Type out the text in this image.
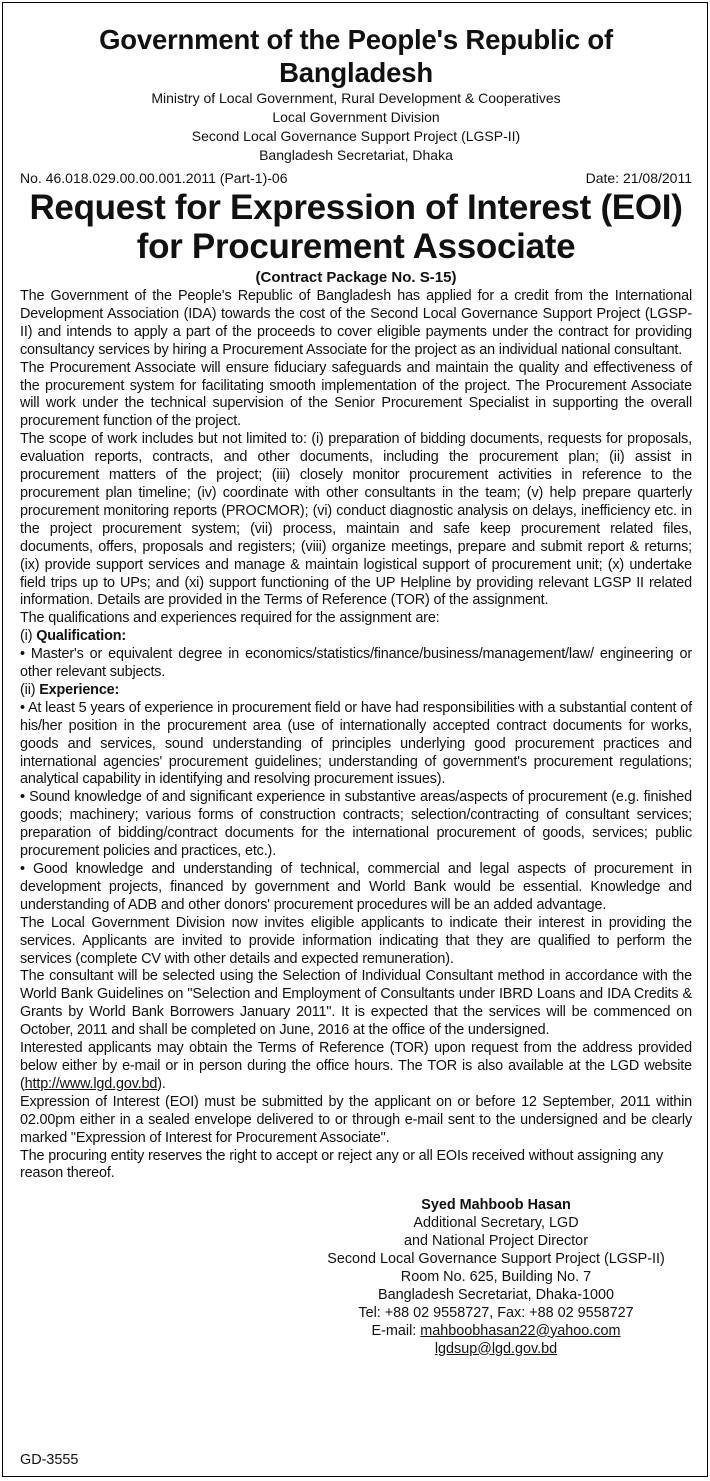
Government of the People's Republic of Bangladesh
Ministry of Local Government, Rural Development & Cooperatives
Local Government Division
Second Local Governance Support Project (LGSP-II)
Bangladesh Secretariat, Dhaka
No. 46.018.029.00.00.001.2011 (Part-1)-06	Date: 21/08/2011
Request for Expression of Interest (EOI)
for Procurement Associate
(Contract Package No. S-15)

The Government of the People's Republic of Bangladesh has applied for a credit from the International Development Association (IDA) towards the cost of the Second Local Governance Support Project (LGSP-II) and intends to apply a part of the proceeds to cover eligible payments under the contract for providing consultancy services by hiring a Procurement Associate for the project as an individual national consultant.

The Procurement Associate will ensure fiduciary safeguards and maintain the quality and effectiveness of the procurement system for facilitating smooth implementation of the project. The Procurement Associate will work under the technical supervision of the Senior Procurement Specialist in supporting the overall procurement function of the project.

The scope of work includes but not limited to: (i) preparation of bidding documents, requests for proposals, evaluation reports, contracts, and other documents, including the procurement plan; (ii) assist in procurement matters of the project; (iii) closely monitor procurement activities in reference to the procurement plan timeline; (iv) coordinate with other consultants in the team; (v) help prepare quarterly procurement monitoring reports (PROCMOR); (vi) conduct diagnostic analysis on delays, inefficiency etc. in the project procurement system; (vii) process, maintain and safe keep procurement related files, documents, offers, proposals and registers; (viii) organize meetings, prepare and submit report & returns; (ix) provide support services and manage & maintain logistical support of procurement unit; (x) undertake field trips up to UPs; and (xi) support functioning of the UP Helpline by providing relevant LGSP II related information. Details are provided in the Terms of Reference (TOR) of the assignment.

The qualifications and experiences required for the assignment are:

(i) Qualification:

• Master's or equivalent degree in economics/statistics/finance/business/management/law/ engineering or other relevant subjects.

(ii) Experience:

• At least 5 years of experience in procurement field or have had responsibilities with a substantial content of his/her position in the procurement area (use of internationally accepted contract documents for works, goods and services, sound understanding of principles underlying good procurement practices and international agencies' procurement guidelines; understanding of government's procurement regulations; analytical capability in identifying and resolving procurement issues).

• Sound knowledge of and significant experience in substantive areas/aspects of procurement (e.g. finished goods; machinery; various forms of construction contracts; selection/contracting of consultant services; preparation of bidding/contract documents for the international procurement of goods, services; public procurement policies and practices, etc.).

• Good knowledge and understanding of technical, commercial and legal aspects of procurement in development projects, financed by government and World Bank would be essential. Knowledge and understanding of ADB and other donors' procurement procedures will be an added advantage.

The Local Government Division now invites eligible applicants to indicate their interest in providing the services. Applicants are invited to provide information indicating that they are qualified to perform the services (complete CV with other details and expected remuneration).

The consultant will be selected using the Selection of Individual Consultant method in accordance with the World Bank Guidelines on "Selection and Employment of Consultants under IBRD Loans and IDA Credits & Grants by World Bank Borrowers January 2011". It is expected that the services will be commenced on October, 2011 and shall be completed on June, 2016 at the office of the undersigned.

Interested applicants may obtain the Terms of Reference (TOR) upon request from the address provided below either by e-mail or in person during the office hours. The TOR is also available at the LGD website (http://www.lgd.gov.bd).

Expression of Interest (EOI) must be submitted by the applicant on or before 12 September, 2011 within 02.00pm either in a sealed envelope delivered to or through e-mail sent to the undersigned and be clearly marked "Expression of Interest for Procurement Associate".

The procuring entity reserves the right to accept or reject any or all EOIs received without assigning any reason thereof.

Syed Mahboob Hasan
Additional Secretary, LGD
and National Project Director
Second Local Governance Support Project (LGSP-II)
Room No. 625, Building No. 7
Bangladesh Secretariat, Dhaka-1000
Tel: +88 02 9558727, Fax: +88 02 9558727
E-mail: mahboobhasan22@yahoo.com
lgdsup@lgd.gov.bd
GD-3555
